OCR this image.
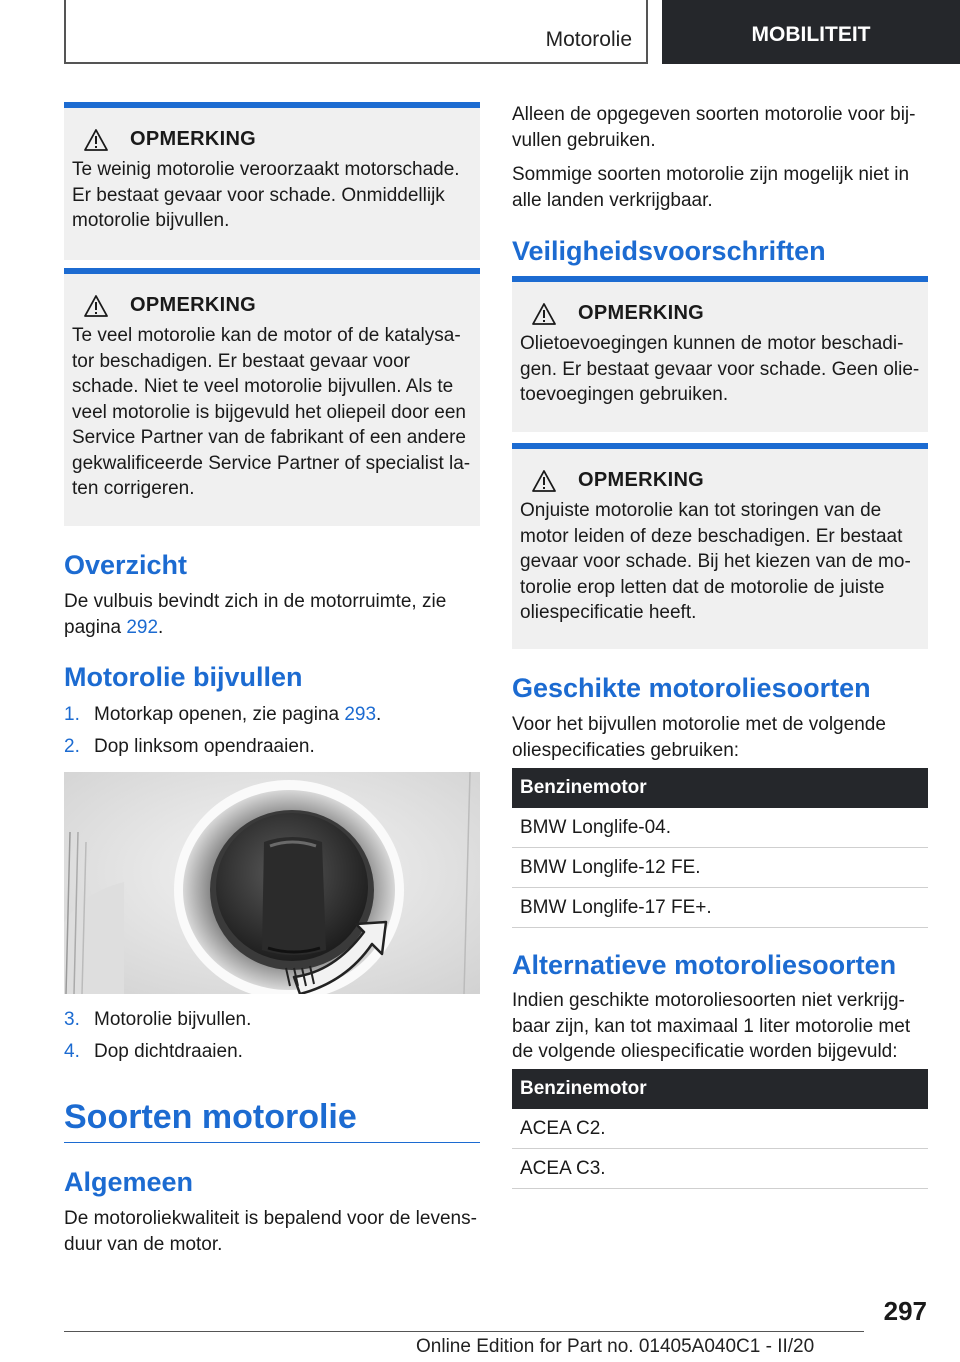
Motorolie	MOBILITEIT
OPMERKING
Te weinig motorolie veroorzaakt motorschade. Er bestaat gevaar voor schade. Onmiddellijk motorolie bijvullen.
OPMERKING
Te veel motorolie kan de motor of de katalysator beschadigen. Er bestaat gevaar voor schade. Niet te veel motorolie bijvullen. Als te veel motorolie is bijgevuld het oliepeil door een Service Partner van de fabrikant of een andere gekwalificeerde Service Partner of specialist laten corrigeren.
Overzicht
De vulbuis bevindt zich in de motorruimte, zie pagina 292.
Motorolie bijvullen
1. Motorkap openen, zie pagina 293.
2. Dop linksom opendraaien.
3. Motorolie bijvullen.
4. Dop dichtdraaien.
Soorten motorolie
Algemeen
De motoroliekwaliteit is bepalend voor de levensduur van de motor.
Alleen de opgegeven soorten motorolie voor bijvullen gebruiken.
Sommige soorten motorolie zijn mogelijk niet in alle landen verkrijgbaar.
Veiligheidsvoorschriften
OPMERKING
Olietoevoegingen kunnen de motor beschadigen. Er bestaat gevaar voor schade. Geen olietoevoegingen gebruiken.
OPMERKING
Onjuiste motorolie kan tot storingen van de motor leiden of deze beschadigen. Er bestaat gevaar voor schade. Bij het kiezen van de motorolie erop letten dat de motorolie de juiste oliespecificatie heeft.
Geschikte motoroliesoorten
Voor het bijvullen motorolie met de volgende oliespecificaties gebruiken:
Benzinemotor
BMW Longlife-04.
BMW Longlife-12 FE.
BMW Longlife-17 FE+.
Alternatieve motoroliesoorten
Indien geschikte motoroliesoorten niet verkrijgbaar zijn, kan tot maximaal 1 liter motorolie met de volgende oliespecificatie worden bijgevuld:
Benzinemotor
ACEA C2.
ACEA C3.
297
Online Edition for Part no. 01405A040C1 - II/20
